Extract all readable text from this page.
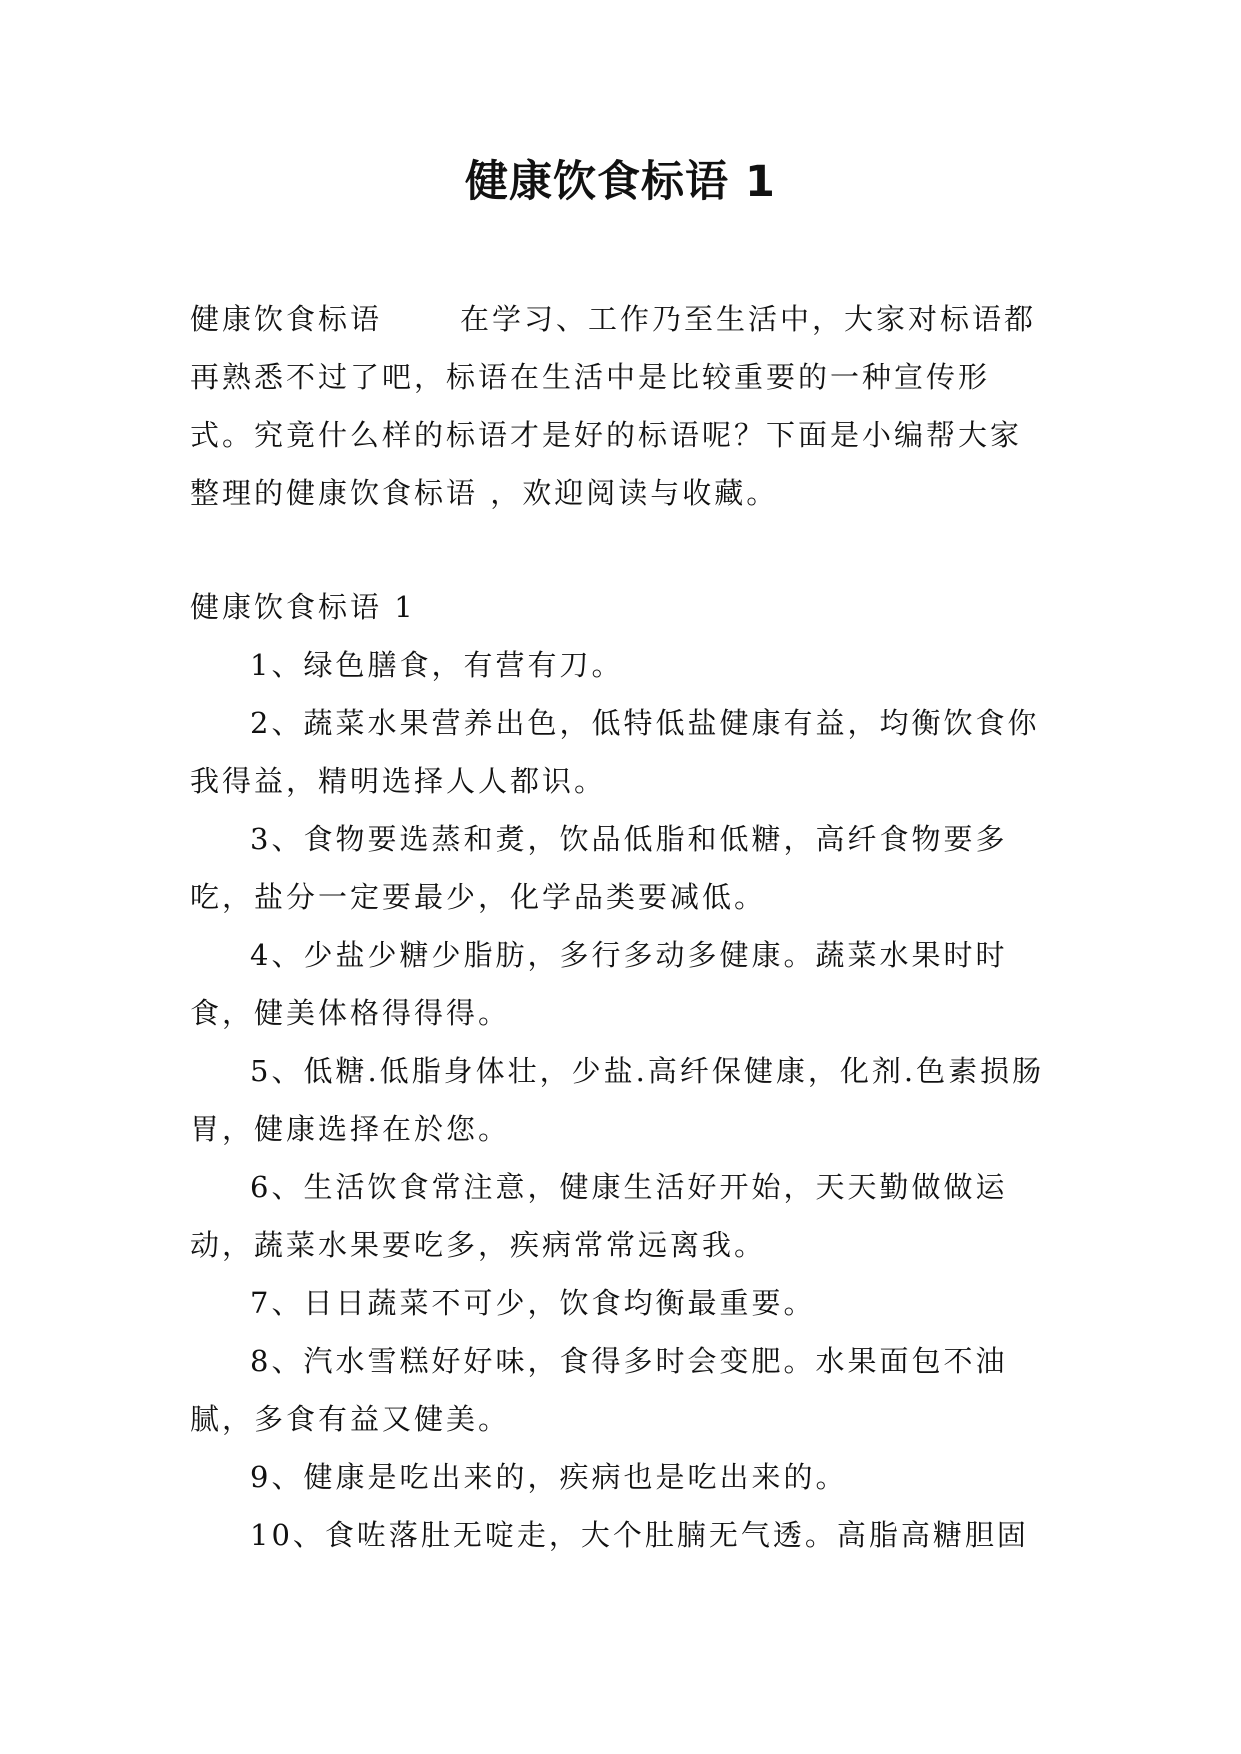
健康饮食标语 1
健康饮食标语	在学习、工作乃至生活中，大家对标语都再熟悉不过了吧，标语在生活中是比较重要的一种宣传形式。究竟什么样的标语才是好的标语呢？下面是小编帮大家整理的健康饮食标语 ，欢迎阅读与收藏。
健康饮食标语 1

1、绿色膳食，有营有刀。

2、蔬菜水果营养出色，低特低盐健康有益，均衡饮食你我得益，精明选择人人都识。

3、食物要选蒸和煑，饮品低脂和低糖，高纤食物要多吃，盐分一定要最少，化学品类要减低。

4、少盐少糖少脂肪，多行多动多健康。蔬菜水果时时食，健美体格得得得。

5、低糖.低脂身体壮，少盐.高纤保健康，化剂.色素损肠胃，健康选择在於您。

6、生活饮食常注意，健康生活好开始，天天勤做做运动，蔬菜水果要吃多，疾病常常远离我。

7、日日蔬菜不可少，饮食均衡最重要。

8、汽水雪糕好好味，食得多时会变肥。水果面包不油腻，多食有益又健美。

9、健康是吃出来的，疾病也是吃出来的。

10、食咗落肚无啶走，大个肚腩无气透。高脂高糖胆固
